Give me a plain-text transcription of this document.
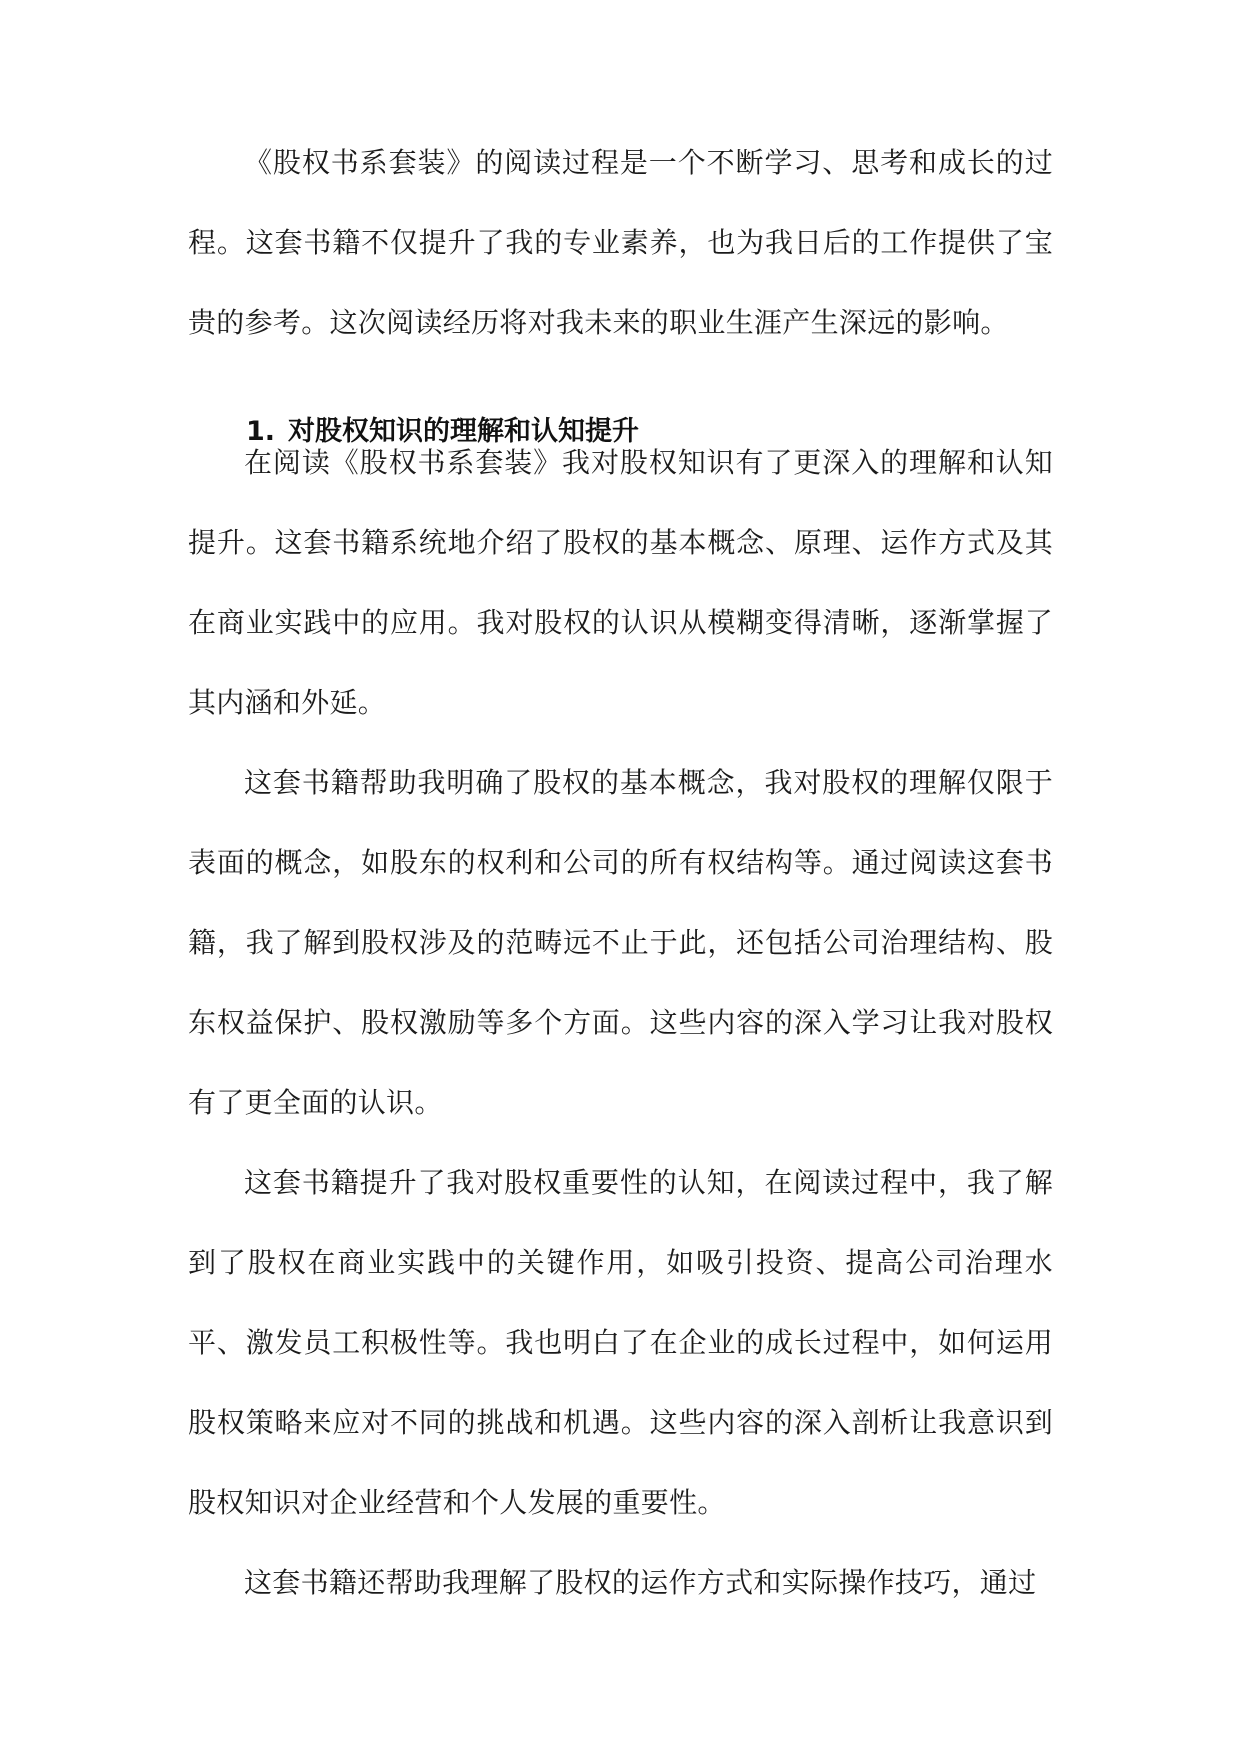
《股权书系套装》的阅读过程是一个不断学习、思考和成长的过程。这套书籍不仅提升了我的专业素养，也为我日后的工作提供了宝贵的参考。这次阅读经历将对我未来的职业生涯产生深远的影响。

1. 对股权知识的理解和认知提升

在阅读《股权书系套装》我对股权知识有了更深入的理解和认知提升。这套书籍系统地介绍了股权的基本概念、原理、运作方式及其在商业实践中的应用。我对股权的认识从模糊变得清晰，逐渐掌握了其内涵和外延。

这套书籍帮助我明确了股权的基本概念，我对股权的理解仅限于表面的概念，如股东的权利和公司的所有权结构等。通过阅读这套书籍，我了解到股权涉及的范畴远不止于此，还包括公司治理结构、股东权益保护、股权激励等多个方面。这些内容的深入学习让我对股权有了更全面的认识。

这套书籍提升了我对股权重要性的认知，在阅读过程中，我了解到了股权在商业实践中的关键作用，如吸引投资、提高公司治理水平、激发员工积极性等。我也明白了在企业的成长过程中，如何运用股权策略来应对不同的挑战和机遇。这些内容的深入剖析让我意识到股权知识对企业经营和个人发展的重要性。

这套书籍还帮助我理解了股权的运作方式和实际操作技巧，通过
